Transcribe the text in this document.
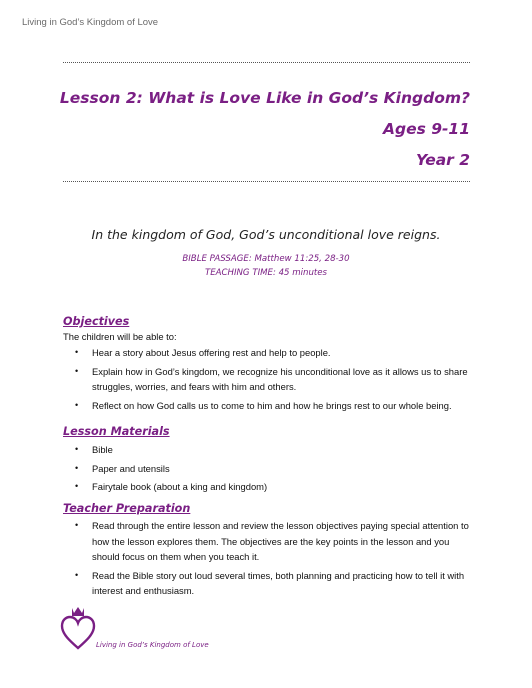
Living in God’s Kingdom of Love
Lesson 2: What is Love Like in God’s Kingdom?
Ages 9-11
Year 2
In the kingdom of God, God’s unconditional love reigns.
BIBLE PASSAGE: Matthew 11:25, 28-30
TEACHING TIME: 45 minutes
Objectives
The children will be able to:
• Hear a story about Jesus offering rest and help to people.
• Explain how in God’s kingdom, we recognize his unconditional love as it allows us to share struggles, worries, and fears with him and others.
• Reflect on how God calls us to come to him and how he brings rest to our whole being.
Lesson Materials
• Bible
• Paper and utensils
• Fairytale book (about a king and kingdom)
Teacher Preparation
• Read through the entire lesson and review the lesson objectives paying special attention to how the lesson explores them. The objectives are the key points in the lesson and you should focus on them when you teach it.
• Read the Bible story out loud several times, both planning and practicing how to tell it with interest and enthusiasm.
Living in God’s Kingdom of Love
